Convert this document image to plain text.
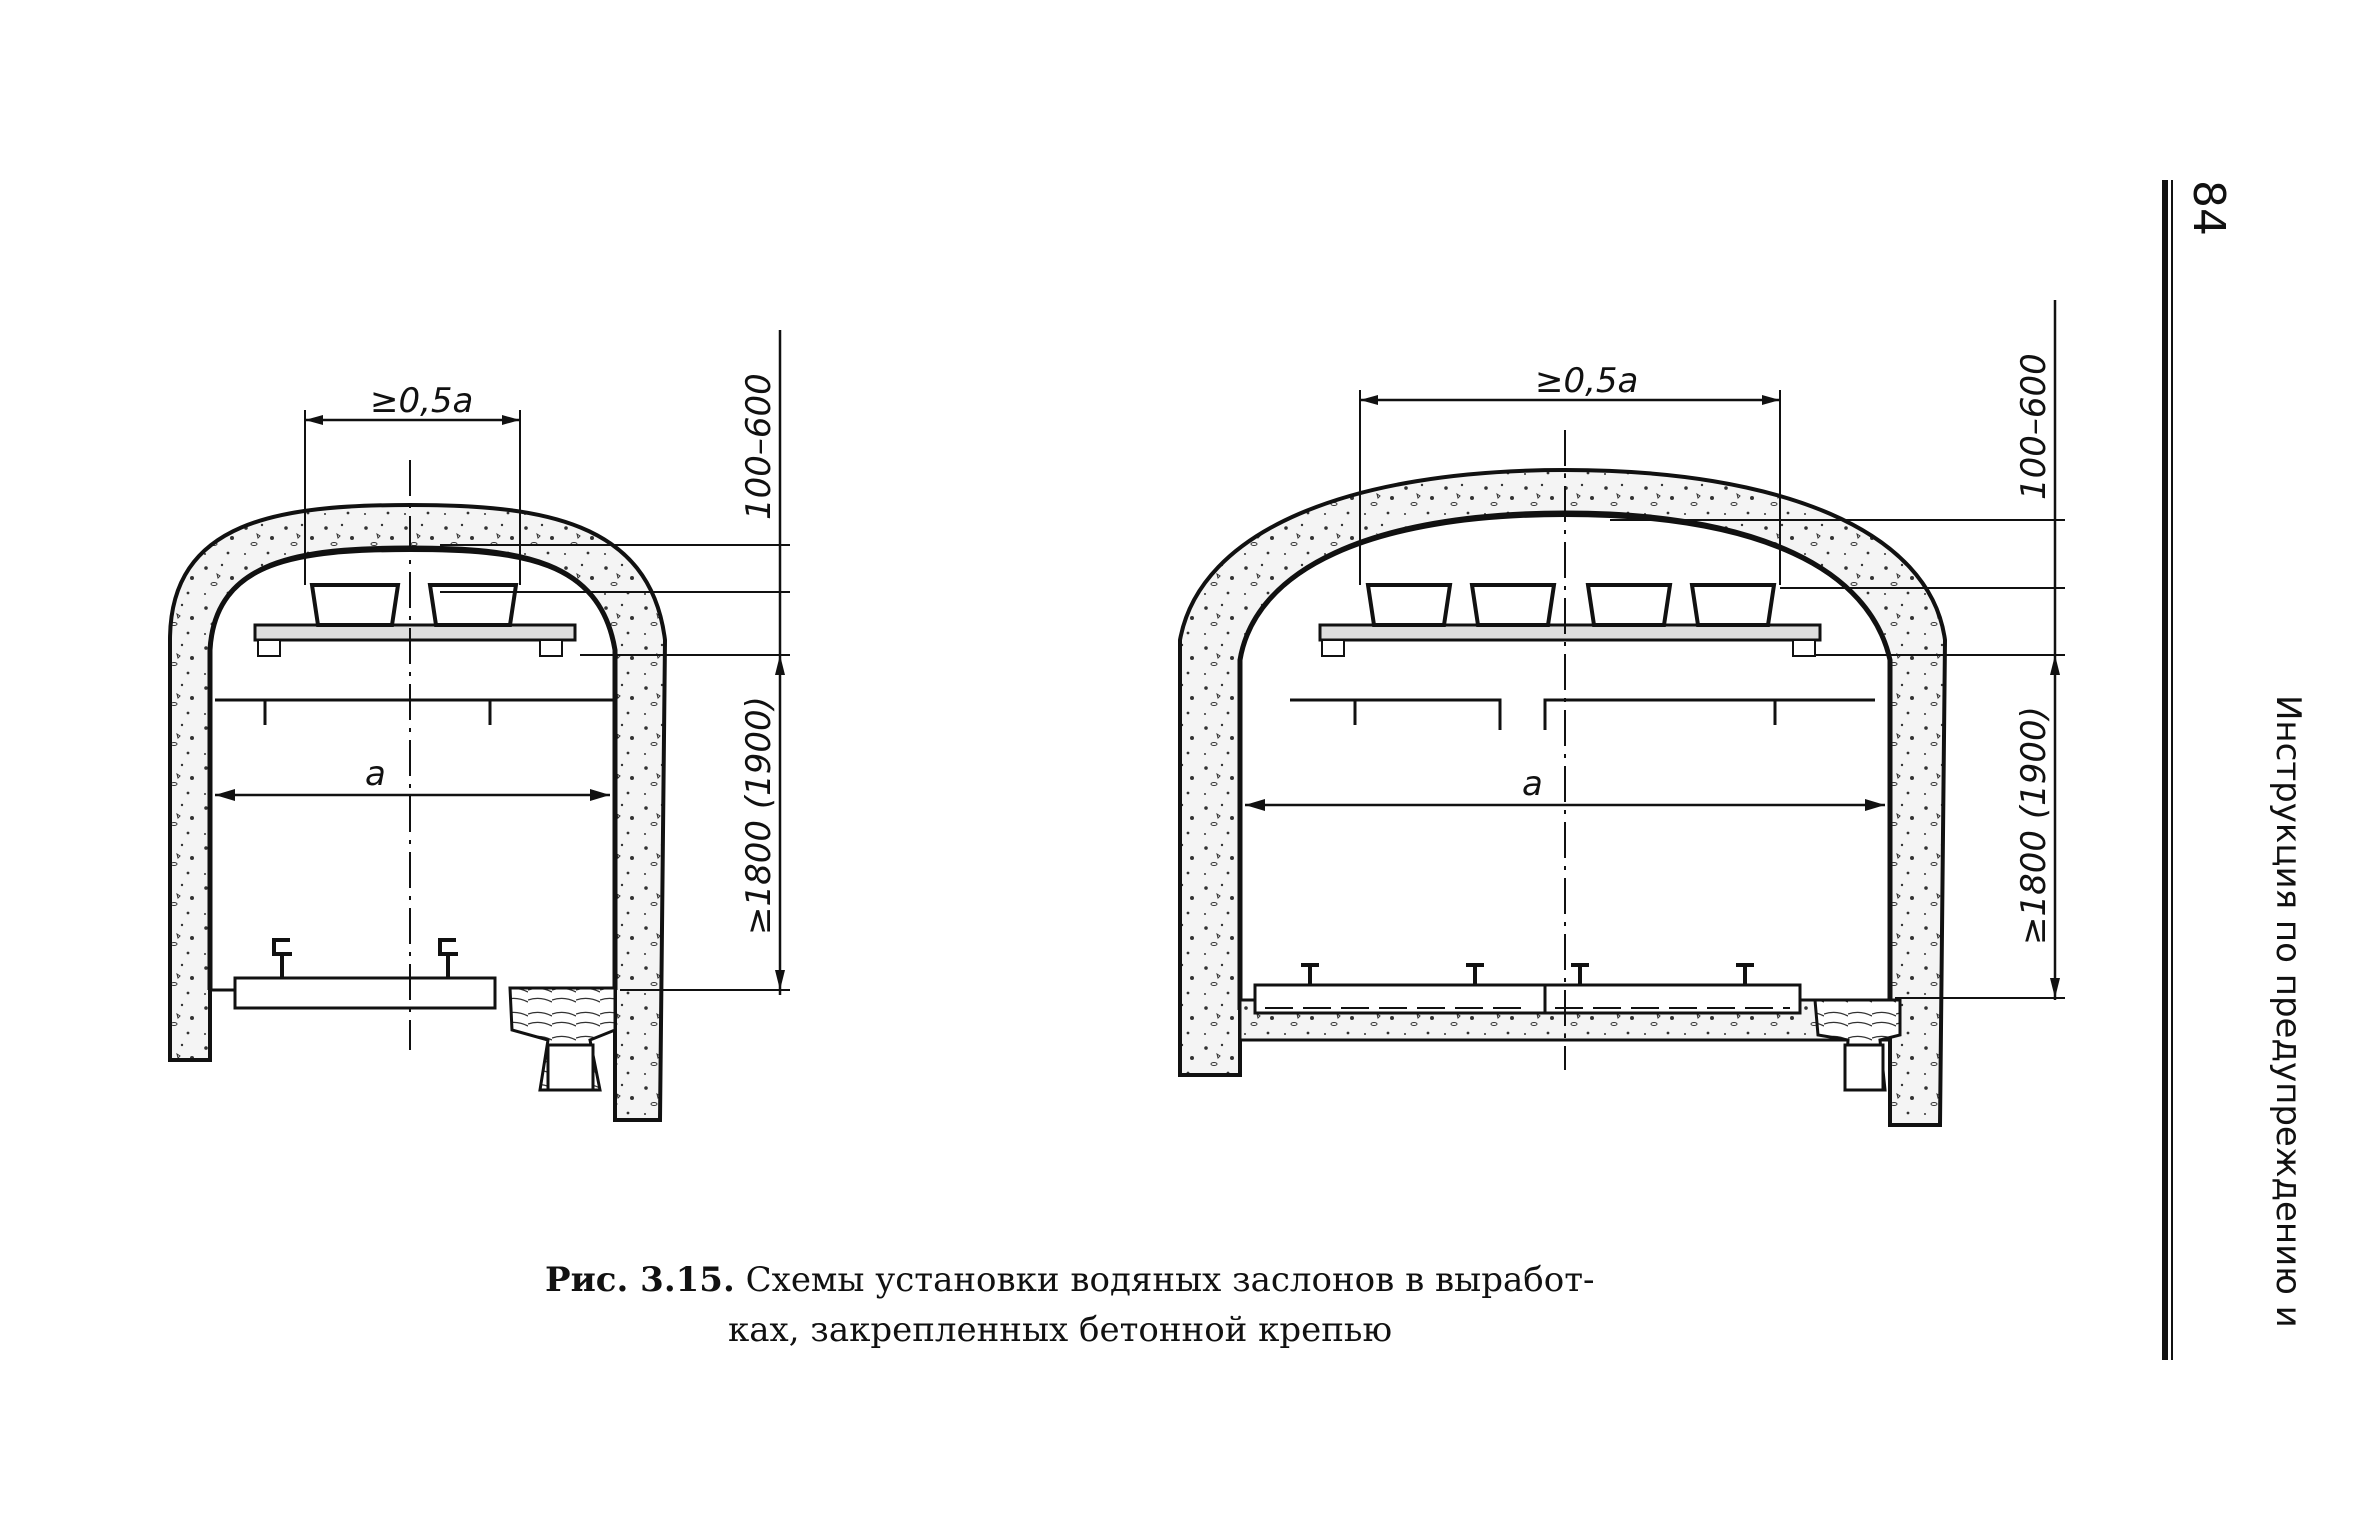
≥0,5a
a
100–600
≥1800 (1900)
≥0,5a
a
100–600
≥1800 (1900)
Рис. 3.15. Схемы установки водяных заслонов в выработ-
ках, закрепленных бетонной крепью
84
Инструкция по предупреждению и
